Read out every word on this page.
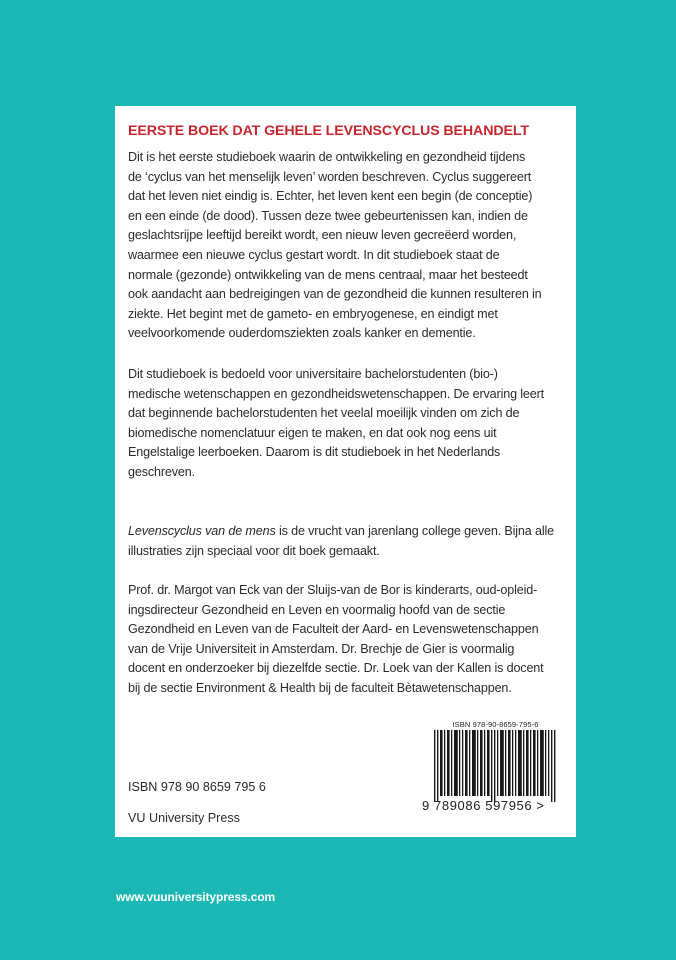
EERSTE BOEK DAT GEHELE LEVENSCYCLUS BEHANDELT
Dit is het eerste studieboek waarin de ontwikkeling en gezondheid tijdens
de ‘cyclus van het menselijk leven’ worden beschreven. Cyclus suggereert
dat het leven niet eindig is. Echter, het leven kent een begin (de conceptie)
en een einde (de dood). Tussen deze twee gebeurtenissen kan, indien de
geslachtsrijpe leeftijd bereikt wordt, een nieuw leven gecreëerd worden,
waarmee een nieuwe cyclus gestart wordt. In dit studieboek staat de
normale (gezonde) ontwikkeling van de mens centraal, maar het besteedt
ook aandacht aan bedreigingen van de gezondheid die kunnen resulteren in
ziekte. Het begint met de gameto- en embryogenese, en eindigt met
veelvoorkomende ouderdomsziekten zoals kanker en dementie.
Dit studieboek is bedoeld voor universitaire bachelorstudenten (bio-)
medische wetenschappen en gezondheidswetenschappen. De ervaring leert
dat beginnende bachelorstudenten het veelal moeilijk vinden om zich de
biomedische nomenclatuur eigen te maken, en dat ook nog eens uit
Engelstalige leerboeken. Daarom is dit studieboek in het Nederlands
geschreven.
Levenscyclus van de mens is de vrucht van jarenlang college geven. Bijna alle
illustraties zijn speciaal voor dit boek gemaakt.
Prof. dr. Margot van Eck van der Sluijs-van de Bor is kinderarts, oud-opleid-
ingsdirecteur Gezondheid en Leven en voormalig hoofd van de sectie
Gezondheid en Leven van de Faculteit der Aard- en Levenswetenschappen
van de Vrije Universiteit in Amsterdam. Dr. Brechje de Gier is voormalig
docent en onderzoeker bij diezelfde sectie. Dr. Loek van der Kallen is docent
bij de sectie Environment & Health bij de faculteit Bètawetenschappen.
ISBN 978 90 8659 795 6
VU University Press
ISBN 978-90-8659-795-6
9 789086 597956 >
www.vuuniversitypress.com
